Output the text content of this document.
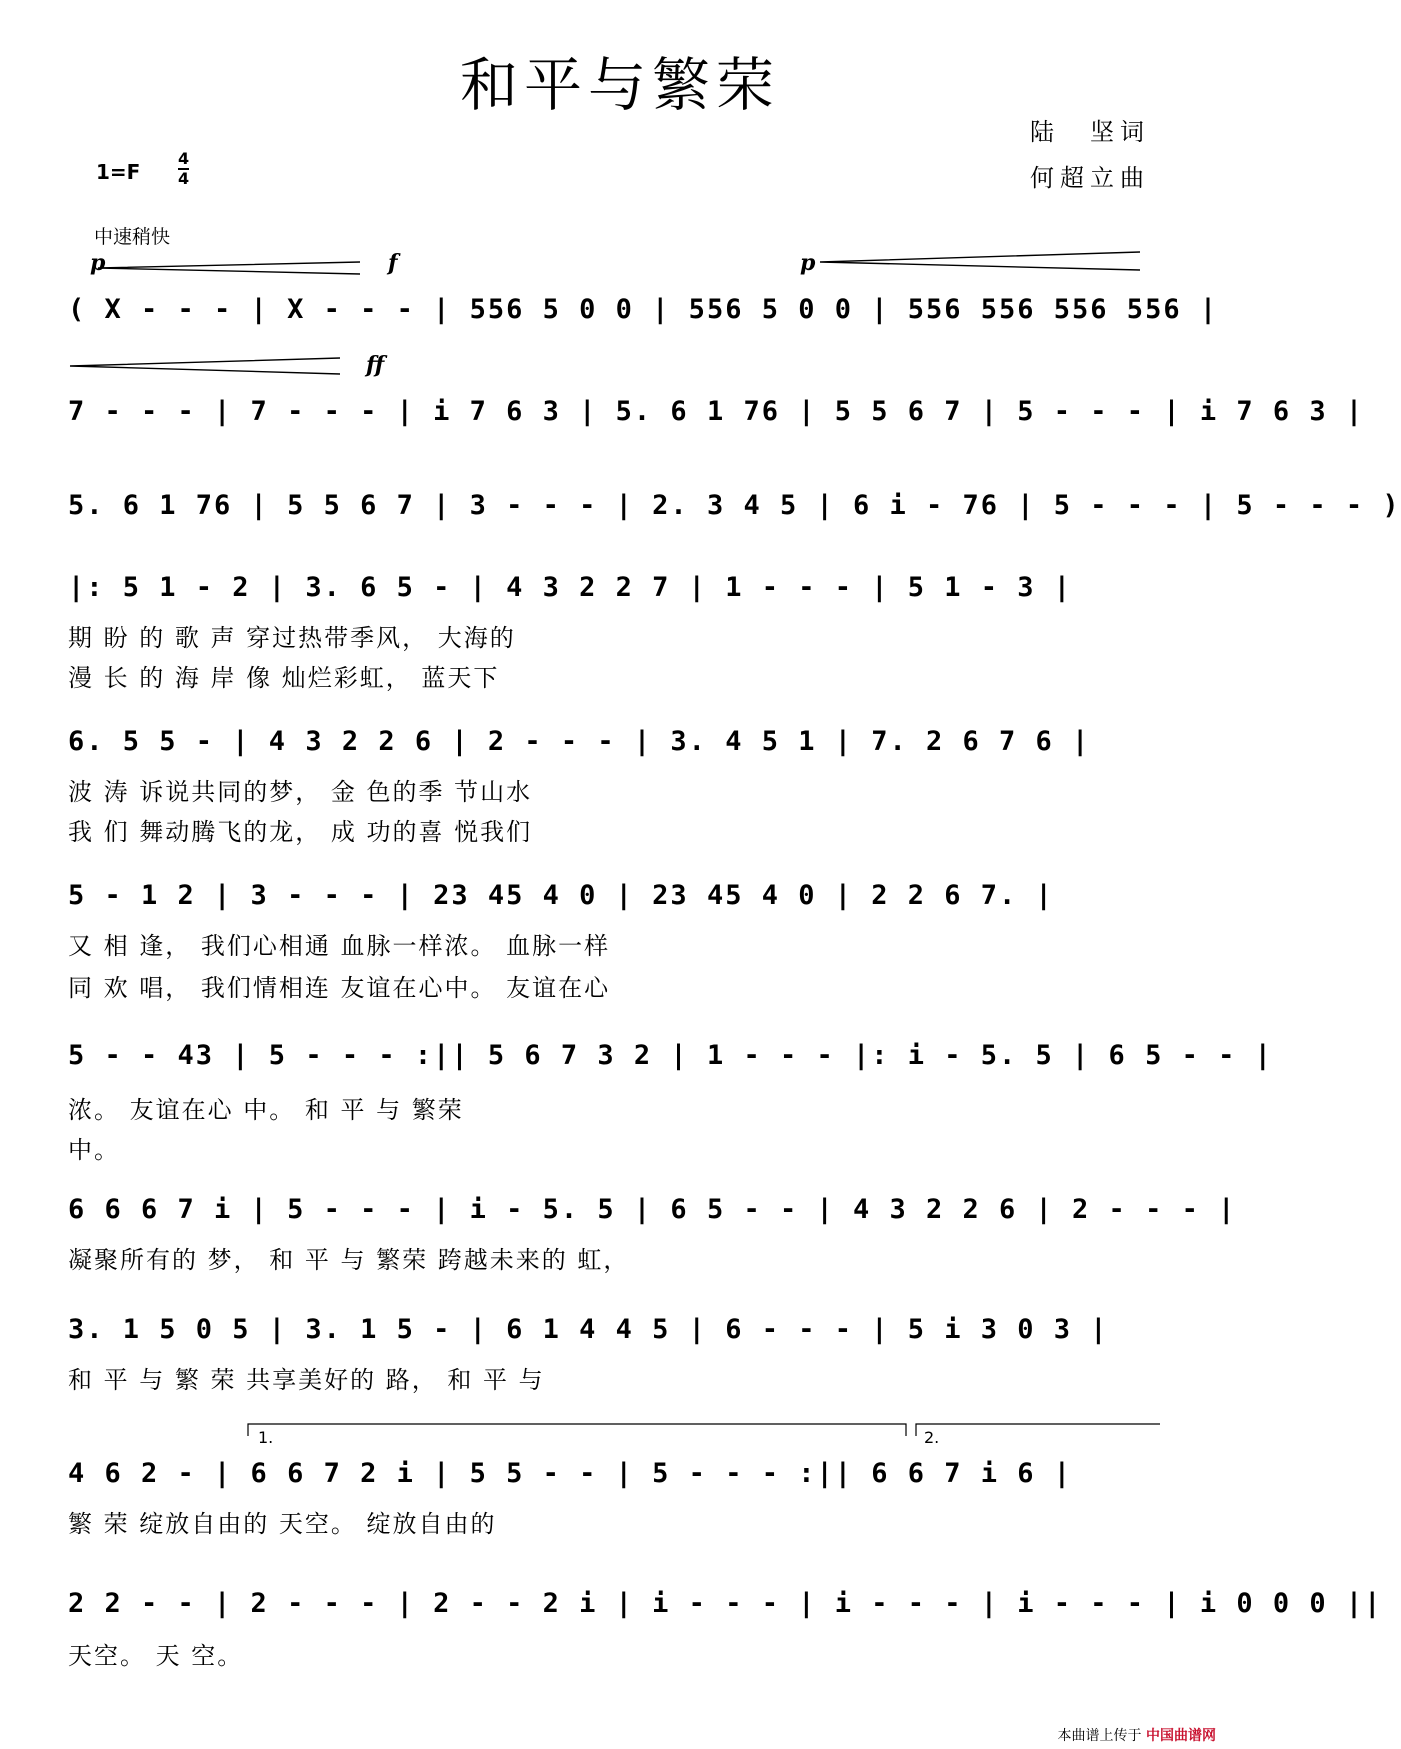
和平与繁荣
陆　坚词
何超立曲
1=F
4
4
中速稍快
p	f	p
ff
( X - - - | X - - - | 556 5 0 0 | 556 5 0 0 | 556 556 556 556 |
7 - - - | 7 - - - | i 7 6 3 | 5. 6 1 76 | 5 5 6 7 | 5 - - - | i 7 6 3 |
5. 6 1 76 | 5 5 6 7 | 3 - - - | 2. 3 4 5 | 6 i - 76 | 5 - - - | 5 - - - )
|: 5 1 - 2 | 3. 6 5 - | 4 3 2 2 7 | 1 - - - | 5 1 - 3 |
期 盼 的 歌 声 穿过热带季风， 大海的
漫 长 的 海 岸 像 灿烂彩虹， 蓝天下
6. 5 5 - | 4 3 2 2 6 | 2 - - - | 3. 4 5 1 | 7. 2 6 7 6 |
波 涛 诉说共同的梦， 金 色的季 节山水
我 们 舞动腾飞的龙， 成 功的喜 悦我们
5 - 1 2 | 3 - - - | 23 45 4 0 | 23 45 4 0 | 2 2 6 7. |
又 相 逢， 我们心相通 血脉一样浓。 血脉一样
同 欢 唱， 我们情相连 友谊在心中。 友谊在心
5 - - 43 | 5 - - - :|| 5 6 7 3 2 | 1 - - - |: i - 5. 5 | 6 5 - - |
浓。 友谊在心 中。 和 平 与 繁荣
中。
6 6 6 7 i | 5 - - - | i - 5. 5 | 6 5 - - | 4 3 2 2 6 | 2 - - - |
凝聚所有的 梦， 和 平 与 繁荣 跨越未来的 虹，
3. 1 5 0 5 | 3. 1 5 - | 6 1 4 4 5 | 6 - - - | 5 i 3 0 3 |
和 平 与 繁 荣 共享美好的 路， 和 平 与
1.	2.
4 6 2 - | 6 6 7 2 i | 5 5 - - | 5 - - - :|| 6 6 7 i 6 |
繁 荣 绽放自由的 天空。 绽放自由的
2 2 - - | 2 - - - | 2 - - 2 i | i - - - | i - - - | i - - - | i 0 0 0 ||
天空。 天 空。
本曲谱上传于 中国曲谱网
